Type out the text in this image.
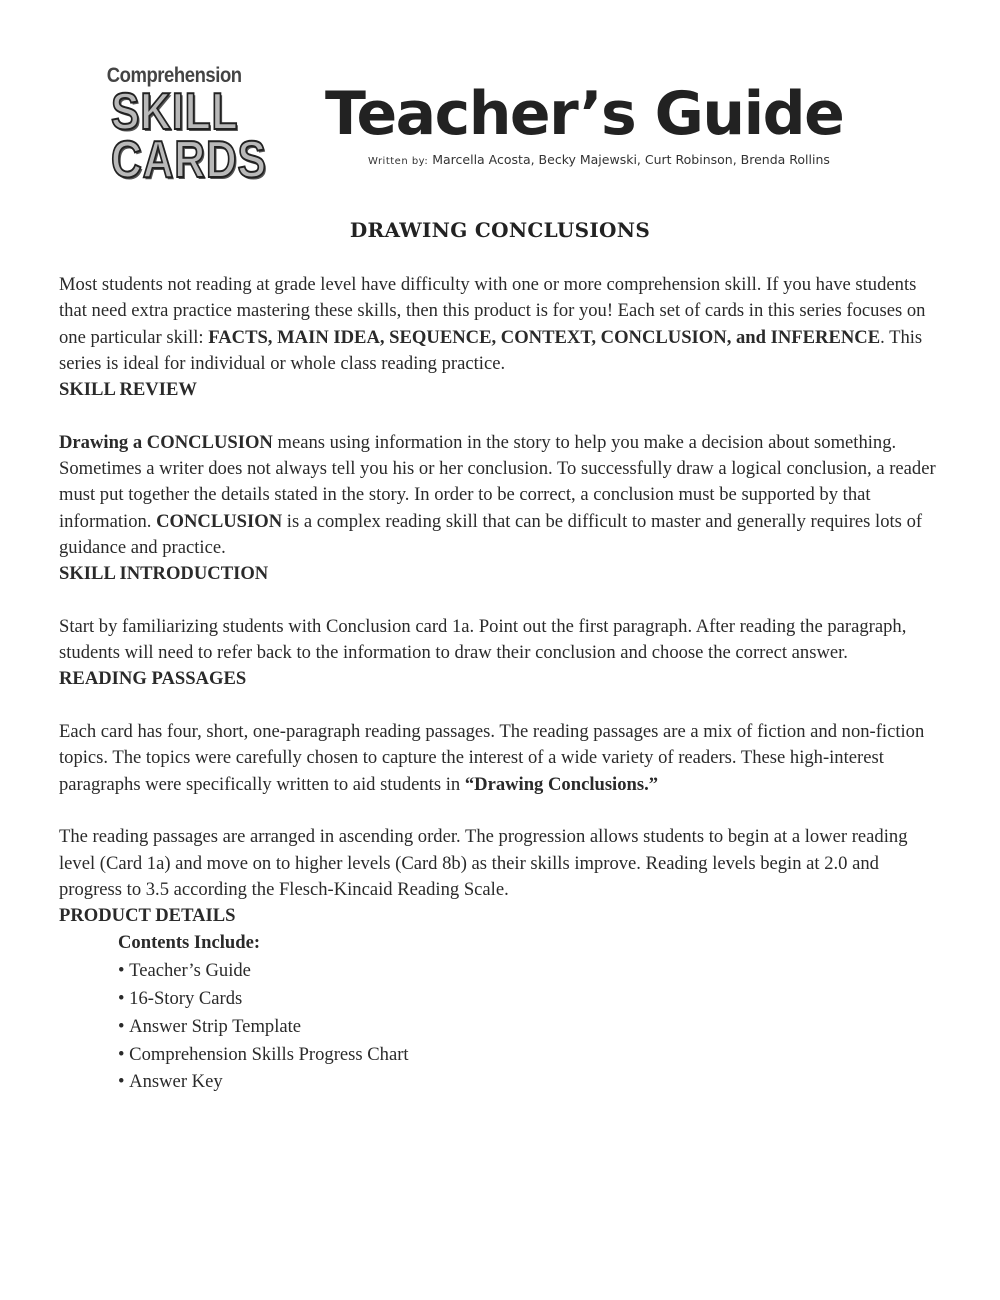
Comprehension
SKILL
CARDS
Teacher’s Guide
Written by: Marcella Acosta, Becky Majewski, Curt Robinson, Brenda Rollins
DRAWING CONCLUSIONS

Most students not reading at grade level have difficulty with one or more comprehension skill. If you have students that need extra practice mastering these skills, then this product is for you! Each set of cards in this series focuses on one particular skill: FACTS, MAIN IDEA, SEQUENCE, CONTEXT, CONCLUSION, and INFERENCE. This series is ideal for individual or whole class reading practice.

SKILL REVIEW

Drawing a CONCLUSION means using information in the story to help you make a decision about something. Sometimes a writer does not always tell you his or her conclusion. To successfully draw a logical conclusion, a reader must put together the details stated in the story. In order to be correct, a conclusion must be supported by that information. CONCLUSION is a complex reading skill that can be difficult to master and generally requires lots of guidance and practice.

SKILL INTRODUCTION

Start by familiarizing students with Conclusion card 1a. Point out the first paragraph. After reading the paragraph, students will need to refer back to the information to draw their conclusion and choose the correct answer.

READING PASSAGES

Each card has four, short, one-paragraph reading passages. The reading passages are a mix of fiction and non-fiction topics. The topics were carefully chosen to capture the interest of a wide variety of readers. These high-interest paragraphs were specifically written to aid students in “Drawing Conclusions.”

The reading passages are arranged in ascending order. The progression allows students to begin at a lower reading level (Card 1a) and move on to higher levels (Card 8b) as their skills improve. Reading levels begin at 2.0 and progress to 3.5 according the Flesch-Kincaid Reading Scale.

PRODUCT DETAILS

Contents Include:

• Teacher’s Guide
• 16-Story Cards
• Answer Strip Template
• Comprehension Skills Progress Chart
• Answer Key
